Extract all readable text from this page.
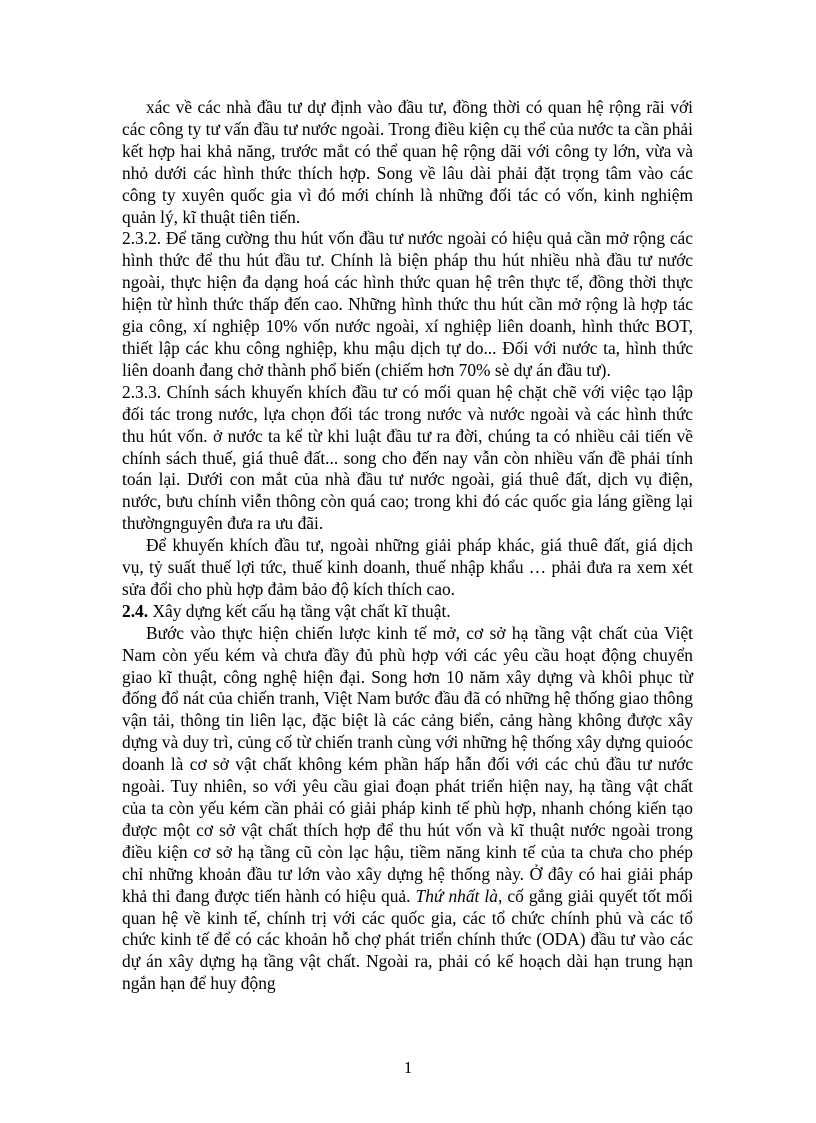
xác về các nhà đầu tư dự định vào đầu tư, đồng thời có quan hệ rộng rãi với các công ty tư vấn đầu tư nước ngoài. Trong điều kiện cụ thể của nước ta cần phải kết hợp hai khả năng, trước mắt có thể quan hệ rộng dãi với công ty lớn, vừa và nhỏ dưới các hình thức thích hợp. Song về lâu dài phải đặt trọng tâm vào các công ty xuyên quốc gia vì đó mới chính là những đối tác có vốn, kinh nghiệm quản lý, kĩ thuật tiên tiến.

2.3.2. Để tăng cường thu hút vốn đầu tư nước ngoài có hiệu quả cần mở rộng các hình thức để thu hút đầu tư. Chính là biện pháp thu hút nhiều nhà đầu tư nước ngoài, thực hiện đa dạng hoá các hình thức quan hệ trên thực tế, đồng thời thực hiện từ hình thức thấp đến cao. Những hình thức thu hút cần mở rộng là hợp tác gia công, xí nghiệp 10% vốn nước ngoài, xí nghiệp liên doanh, hình thức BOT, thiết lập các khu công nghiệp, khu mậu dịch tự do... Đối với nước ta, hình thức liên doanh đang chở thành phổ biến (chiếm hơn 70% sè dự án đầu tư).

2.3.3. Chính sách khuyến khích đầu tư có mối quan hệ chặt chẽ với việc tạo lập đối tác trong nước, lựa chọn đối tác trong nước và nước ngoài và các hình thức thu hút vốn. ở nước ta kể từ khi luật đầu tư ra đời, chúng ta có nhiều cải tiến về chính sách thuế, giá thuê đất... song cho đến nay vẫn còn nhiều vấn đề phải tính toán lại. Dưới con mắt của nhà đầu tư nước ngoài, giá thuê đất, dịch vụ điện, nước, bưu chính viễn thông còn quá cao; trong khi đó các quốc gia láng giềng lại thườngnguyên đưa ra ưu đãi.

Để khuyến khích đầu tư, ngoài những giải pháp khác, giá thuê đất, giá dịch vụ, tỷ suất thuế lợi tức, thuế kinh doanh, thuế nhập khẩu … phải đưa ra xem xét sửa đổi cho phù hợp đảm bảo độ kích thích cao.

2.4. Xây dựng kết cấu hạ tầng vật chất kĩ thuật.

Bước vào thực hiện chiến lược kinh tế mở, cơ sở hạ tầng vật chất của Việt Nam còn yếu kém và chưa đầy đủ phù hợp với các yêu cầu hoạt động chuyển giao kĩ thuật, công nghệ hiện đại. Song hơn 10 năm xây dựng và khôi phục từ đống đổ nát của chiến tranh, Việt Nam bước đầu đã có những hệ thống giao thông vận tải, thông tin liên lạc, đặc biệt là các cảng biển, cảng hàng không được xây dựng và duy trì, củng cố từ chiến tranh cùng với những hệ thống xây dựng quioóc doanh là cơ sở vật chất không kém phần hấp hẫn đối với các chủ đầu tư nước ngoài. Tuy nhiên, so với yêu cầu giai đoạn phát triển hiện nay, hạ tầng vật chất của ta còn yếu kém cần phải có giải pháp kinh tế phù hợp, nhanh chóng kiến tạo được một cơ sở vật chất thích hợp để thu hút vốn và kĩ thuật nước ngoài trong điều kiện cơ sở hạ tầng cũ còn lạc hậu, tiềm năng kinh tế của ta chưa cho phép chỉ những khoản đầu tư lớn vào xây dựng hệ thống này. Ở đây có hai giải pháp khả thi đang được tiến hành có hiệu quả. Thứ nhất là, cố gắng giải quyết tốt mối quan hệ về kinh tế, chính trị với các quốc gia, các tổ chức chính phủ và các tổ chức kinh tế để có các khoản hỗ chợ phát triển chính thức (ODA) đầu tư vào các dự án xây dựng hạ tầng vật chất. Ngoài ra, phải có kế hoạch dài hạn trung hạn ngắn hạn để huy động

1
